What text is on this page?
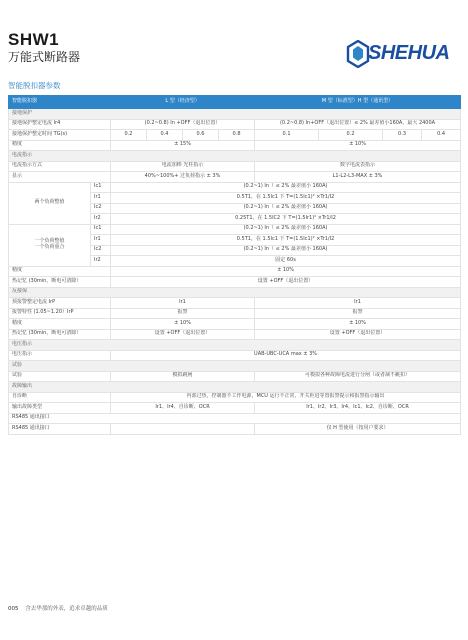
SHW1
万能式断路器	SHEHUA
智能脱扣器参数
智能脱扣器		L 型（经济型）				M 型（标准型）H 型（通讯型）			
接地保护									
接地保护整定电流 Ir4		(0.2~0.8) In +OFF（退出位置）				(0.2~0.8) In+OFF（退出位置）≤ 2% 最差值小160A，最大 2400A			
接地保护整定时间 TG(s)		0.2	0.4	0.6	0.8	0.1	0.2	0.3	0.4
精度		± 15%				± 10%			
电流指示									
电流指示方式		电流加棒 光柱指示				数字电流表指示			
显示		40%~100%+ 过负荷指示 ± 3%				L1-L2-L3-MAX ± 3%			
两个负荷整值	Ic1	(0.2~1) In（ ≤ 2% 最差值小 160A)							
	Ir1	0.5T1，在 1.5Ic1 下 T=(1.5Ic1)² ×Tr1/I2							
	Ic2	(0.2~1) In（ ≤ 2% 最差值小 160A)							
	Ir2	0.25T1，在 1.5IC2 下 T=(1.5Ir1)² ×Tr1/I2							
一个负荷整值
一个负荷重合	Ic1	(0.2~1) In（ ≤ 2% 最差值小 160A)							
	Ir1	0.5T1，在 1.5Ic1 下 T=(1.5Ic1)² ×Tr1/I2							
	Ic2	(0.2~1) In（ ≤ 2% 最差值小 160A)							
	Ir2	固定 60s							
精度		± 10%							
热记忆 (30min，断电可清除）		设置 +OFF（退出位置）							
反接保									
预报警整定电流 IrP		Ir1				Ir1			
报警特性 (1.05~1.20）IrP		报警				报警			
精度		± 10%				± 10%			
热记忆 (30min，断电可清除）		设置 +OFF（退出位置）				设置 +OFF（退出位置）			
电压指示									
电压指示		UAB-UBC-UCA max ± 3%							
试验									
试验		模拟跳闸				可模拟各种故障电流进行分闸（或者减不跳扣）			
故障输出									
自诊断		内部过热，控制器不工作电源，MCU 运行不正常，开关柜进等置报警提示和报警指示输出							
输出故障类型		Ir1、Ir4、自诊断、OCR				Ir1、Ir2、Ir3、Ir4、Ic1、Ic2、自诊断、OCR			
RS485 通讯接口									
RS485 通讯接口						仅 H 型使用（按用户要求）			
005 含去华那的外表，追求卓越的品质
